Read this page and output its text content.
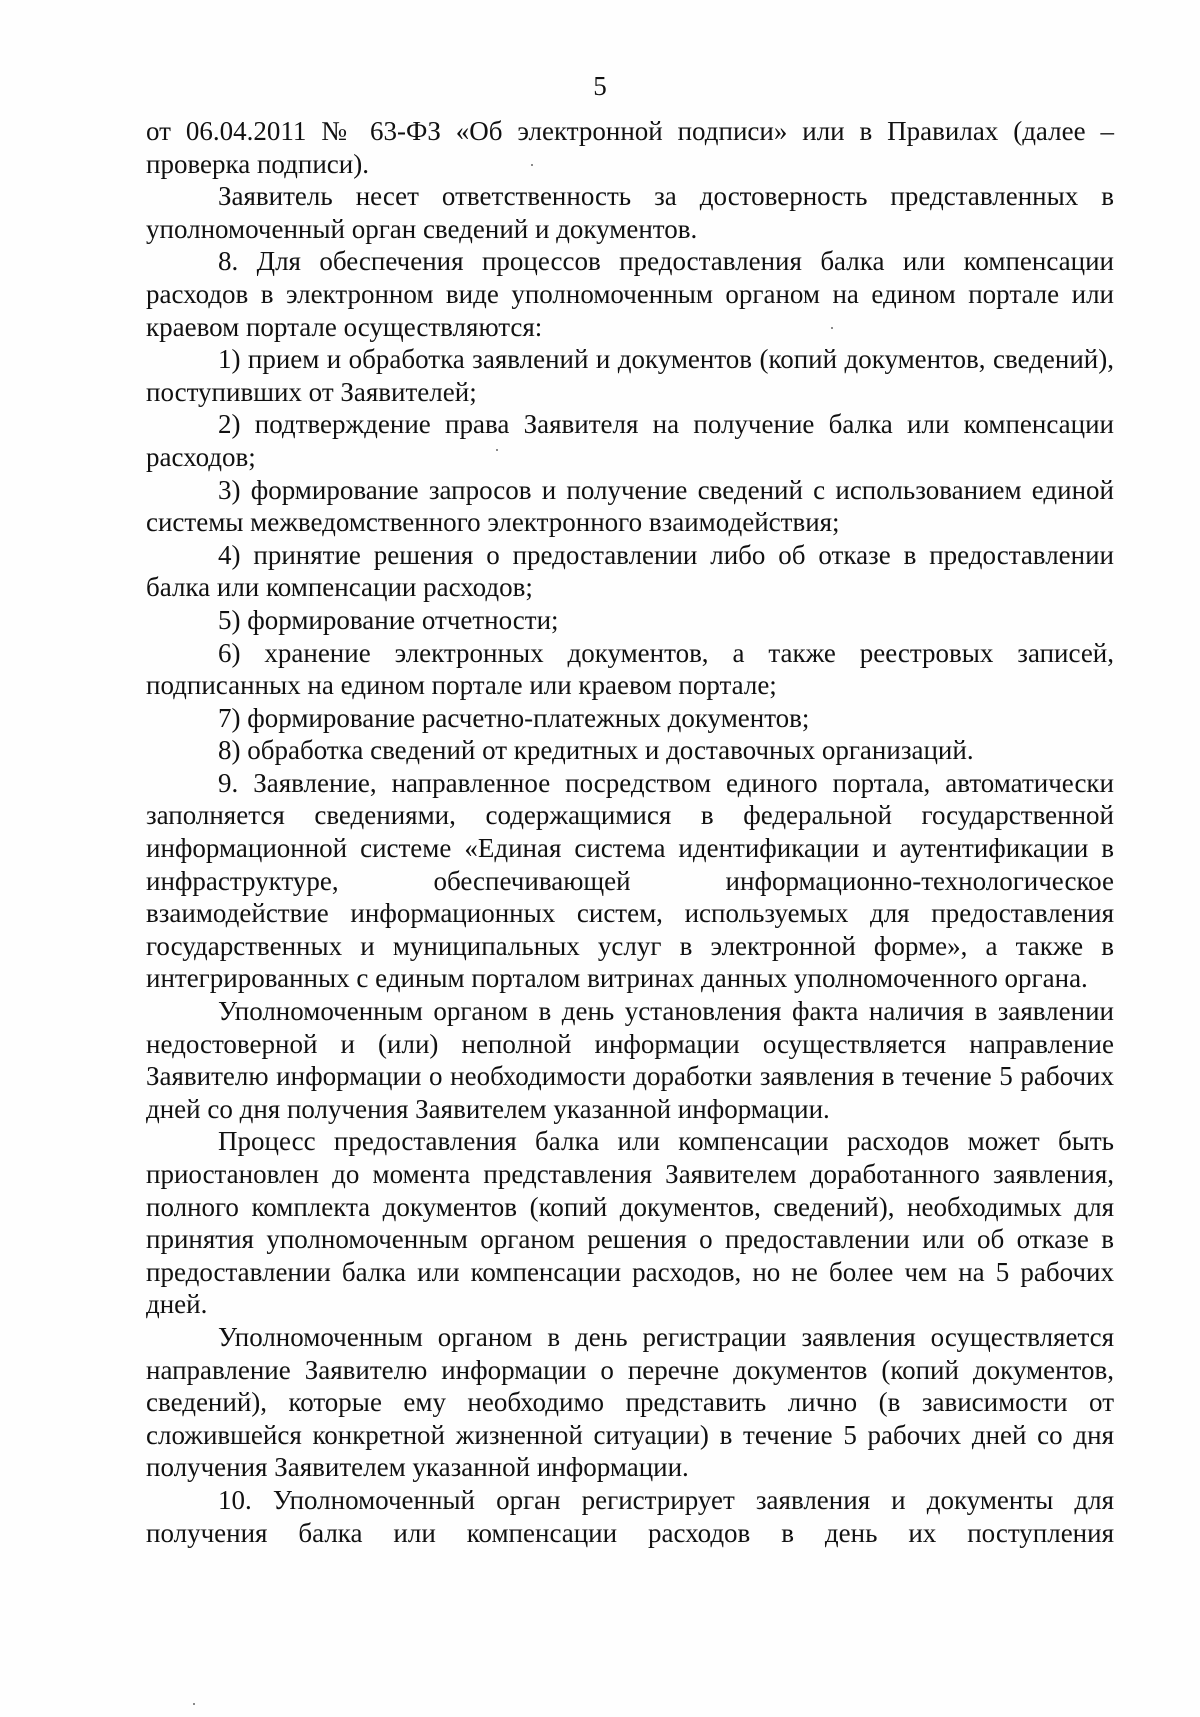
5

от 06.04.2011 № 63-ФЗ «Об электронной подписи» или в Правилах (далее – проверка подписи).

Заявитель несет ответственность за достоверность представленных в уполномоченный орган сведений и документов.

8. Для обеспечения процессов предоставления балка или компенсации расходов в электронном виде уполномоченным органом на едином портале или краевом портале осуществляются:

1) прием и обработка заявлений и документов (копий документов, сведений), поступивших от Заявителей;

2) подтверждение права Заявителя на получение балка или компенсации расходов;

3) формирование запросов и получение сведений с использованием единой системы межведомственного электронного взаимодействия;

4) принятие решения о предоставлении либо об отказе в предоставлении балка или компенсации расходов;

5) формирование отчетности;

6) хранение электронных документов, а также реестровых записей, подписанных на едином портале или краевом портале;

7) формирование расчетно-платежных документов;

8) обработка сведений от кредитных и доставочных организаций.

9. Заявление, направленное посредством единого портала, автоматически заполняется сведениями, содержащимися в федеральной государственной информационной системе «Единая система идентификации и аутентификации в инфраструктуре, обеспечивающей информационно-технологическое взаимодействие информационных систем, используемых для предоставления государственных и муниципальных услуг в электронной форме», а также в интегрированных с единым порталом витринах данных уполномоченного органа.

Уполномоченным органом в день установления факта наличия в заявлении недостоверной и (или) неполной информации осуществляется направление Заявителю информации о необходимости доработки заявления в течение 5 рабочих дней со дня получения Заявителем указанной информации.

Процесс предоставления балка или компенсации расходов может быть приостановлен до момента представления Заявителем доработанного заявления, полного комплекта документов (копий документов, сведений), необходимых для принятия уполномоченным органом решения о предоставлении или об отказе в предоставлении балка или компенсации расходов, но не более чем на 5 рабочих дней.

Уполномоченным органом в день регистрации заявления осуществляется направление Заявителю информации о перечне документов (копий документов, сведений), которые ему необходимо представить лично (в зависимости от сложившейся конкретной жизненной ситуации) в течение 5 рабочих дней со дня получения Заявителем указанной информации.

10. Уполномоченный орган регистрирует заявления и документы для получения балка или компенсации расходов в день их поступления
